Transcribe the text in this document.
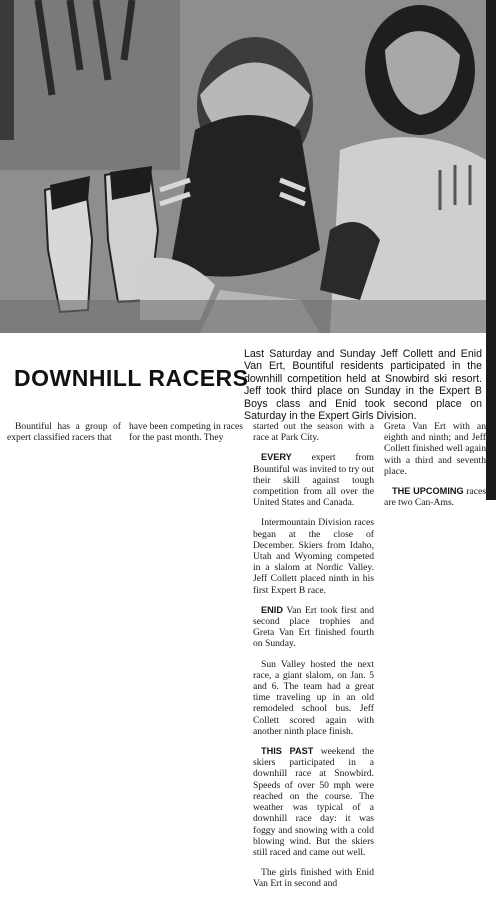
DOWNHILL RACERS
Last Saturday and Sunday Jeff Collett and Enid Van Ert, Bountiful residents participated in the downhill competition held at Snowbird ski resort. Jeff took third place on Sunday in the Expert B Boys class and Enid took second place on Saturday in the Expert Girls Division.

Bountiful has a group of expert classified racers that

have been competing in races for the past month. They

started out the season with a race at Park City.

EVERY expert from Bountiful was invited to try out their skill against tough competition from all over the United States and Canada.

Intermountain Division races began at the close of December. Skiers from Idaho, Utah and Wyoming competed in a slalom at Nordic Valley. Jeff Collett placed ninth in his first Expert B race.

ENID Van Ert took first and second place trophies and Greta Van Ert finished fourth on Sunday.

Sun Valley hosted the next race, a giant slalom, on Jan. 5 and 6. The team had a great time traveling up in an old remodeled school bus. Jeff Collett scored again with another ninth place finish.

THIS PAST weekend the skiers participated in a downhill race at Snowbird. Speeds of over 50 mph were reached on the course. The weather was typical of a downhill race day: it was foggy and snowing with a cold blowing wind. But the skiers still raced and came out well.

The girls finished with Enid Van Ert in second and

Greta Van Ert with an eighth and ninth; and Jeff Collett finished well again with a third and seventh place.

THE UPCOMING races are two Can-Ams.
